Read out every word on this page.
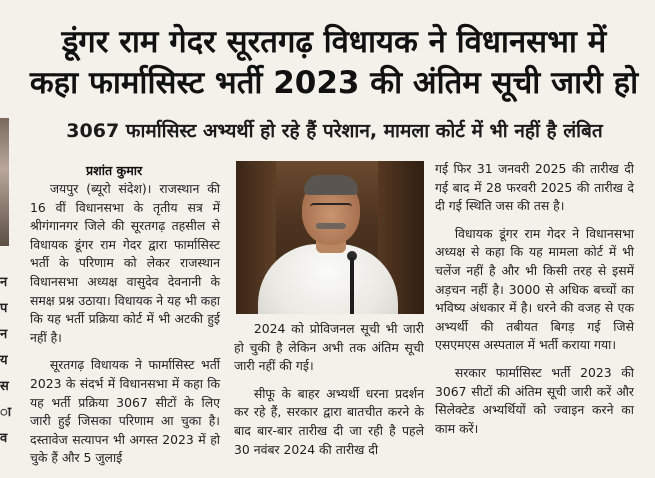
न
प
न
य
स
ा
व
डूंगर राम गेदर सूरतगढ़ विधायक ने विधानसभा में
कहा फार्मासिस्ट भर्ती 2023 की अंतिम सूची जारी हो
3067 फार्मासिस्ट अभ्यर्थी हो रहे हैं परेशान, मामला कोर्ट में भी नहीं है लंबित
प्रशांत कुमार

जयपुर (ब्यूरो संदेश)। राजस्थान की 16 वीं विधानसभा के तृतीय सत्र में श्रीगंगानगर जिले की सूरतगढ़ तहसील से विधायक डूंगर राम गेदर द्वारा फार्मासिस्ट भर्ती के परिणाम को लेकर राजस्थान विधानसभा अध्यक्ष वासुदेव देवनानी के समक्ष प्रश्न उठाया। विधायक ने यह भी कहा कि यह भर्ती प्रक्रिया कोर्ट में भी अटकी हुई नहीं है।

सूरतगढ़ विधायक ने फार्मासिस्ट भर्ती 2023 के संदर्भ में विधानसभा में कहा कि यह भर्ती प्रक्रिया 3067 सीटों के लिए जारी हुई जिसका परिणाम आ चुका है। दस्तावेज सत्यापन भी अगस्त 2023 में हो चुके हैं और 5 जुलाई

2024 को प्रोविजनल सूची भी जारी हो चुकी है लेकिन अभी तक अंतिम सूची जारी नहीं की गई।

सीफू के बाहर अभ्यर्थी धरना प्रदर्शन कर रहे हैं, सरकार द्वारा बातचीत करने के बाद बार-बार तारीख दी जा रही है पहले 30 नवंबर 2024 की तारीख दी

गई फिर 31 जनवरी 2025 की तारीख दी गई बाद में 28 फरवरी 2025 की तारीख दे दी गई स्थिति जस की तस है।

विधायक डूंगर राम गेदर ने विधानसभा अध्यक्ष से कहा कि यह मामला कोर्ट में भी चलेंज नहीं है और भी किसी तरह से इसमें अड़चन नहीं है। 3000 से अधिक बच्चों का भविष्य अंधकार में है। धरने की वजह से एक अभ्यर्थी की तबीयत बिगड़ गई जिसे एसएमएस अस्पताल में भर्ती कराया गया।

सरकार फार्मासिस्ट भर्ती 2023 की 3067 सीटों की अंतिम सूची जारी करें और सिलेक्टेड अभ्यर्थियों को ज्वाइन करने का काम करें।
